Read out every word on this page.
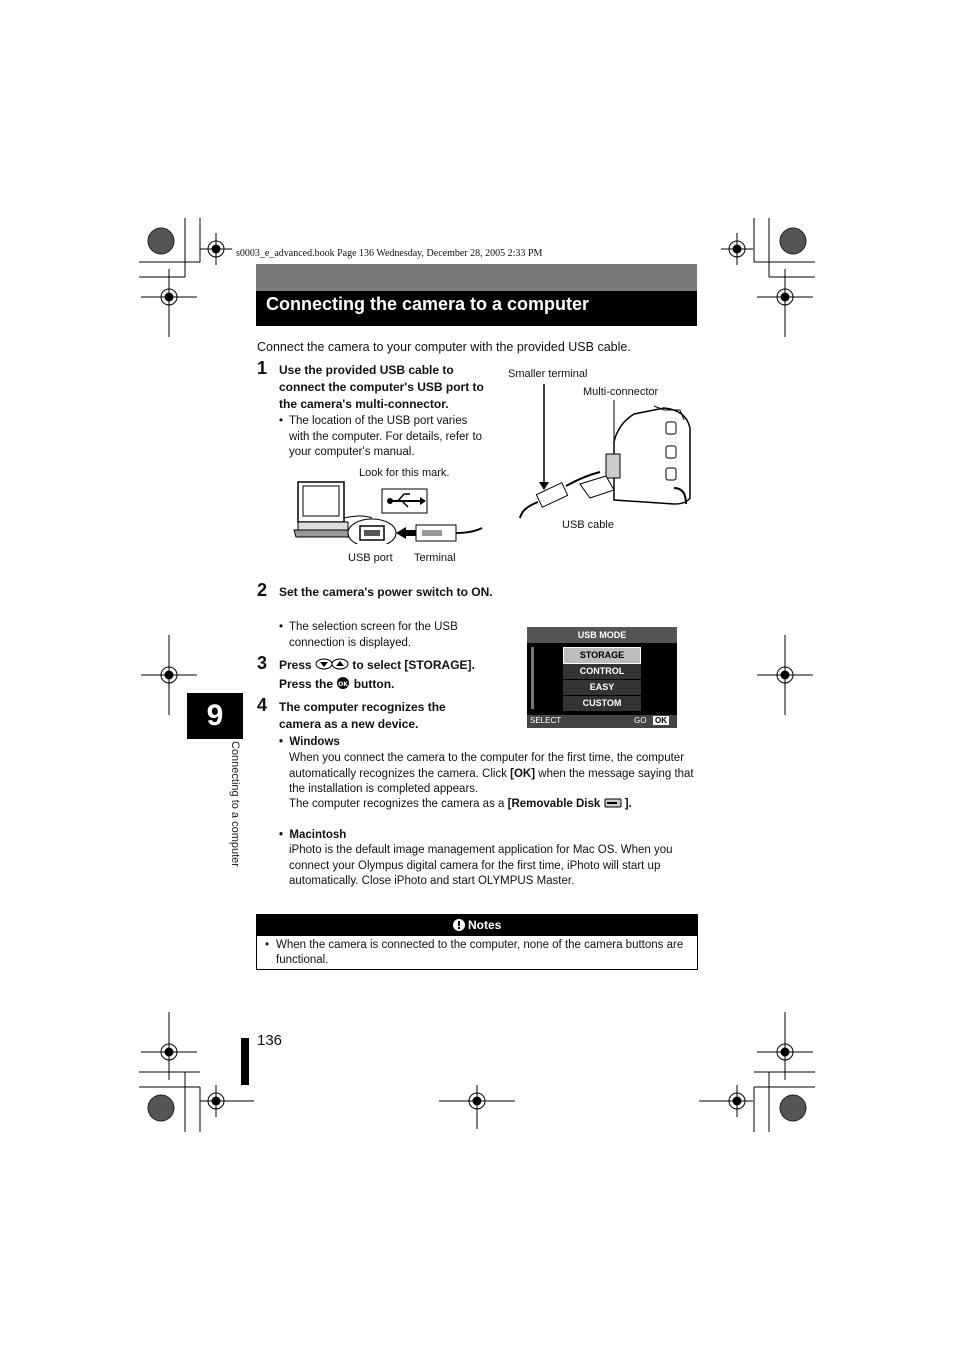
s0003_e_advanced.book Page 136 Wednesday, December 28, 2005 2:33 PM
Connecting the camera to a computer
Connect the camera to your computer with the provided USB cable.
1 Use the provided USB cable to connect the computer's USB port to the camera's multi-connector.
• The location of the USB port varies with the computer. For details, refer to your computer's manual.
Look for this mark.
USB port Terminal
Smaller terminal
Multi-connector
USB cable
2 Set the camera's power switch to ON.
• The selection screen for the USB connection is displayed.
USB MODE
STORAGE
CONTROL
EASY
CUSTOM
SELECT	GO OK
3 Press	to select [STORAGE].
Press the OK button.
4 The computer recognizes the camera as a new device.
•  Windows
When you connect the camera to the computer for the first time, the computer automatically recognizes the camera. Click [OK] when the message saying that the installation is completed appears.
The computer recognizes the camera as a [Removable Disk ].
•  Macintosh
iPhoto is the default image management application for Mac OS. When you connect your Olympus digital camera for the first time, iPhoto will start up automatically. Close iPhoto and start OLYMPUS Master.
Notes
• When the camera is connected to the computer, none of the camera buttons are functional.
9
Connecting to a computer
136
